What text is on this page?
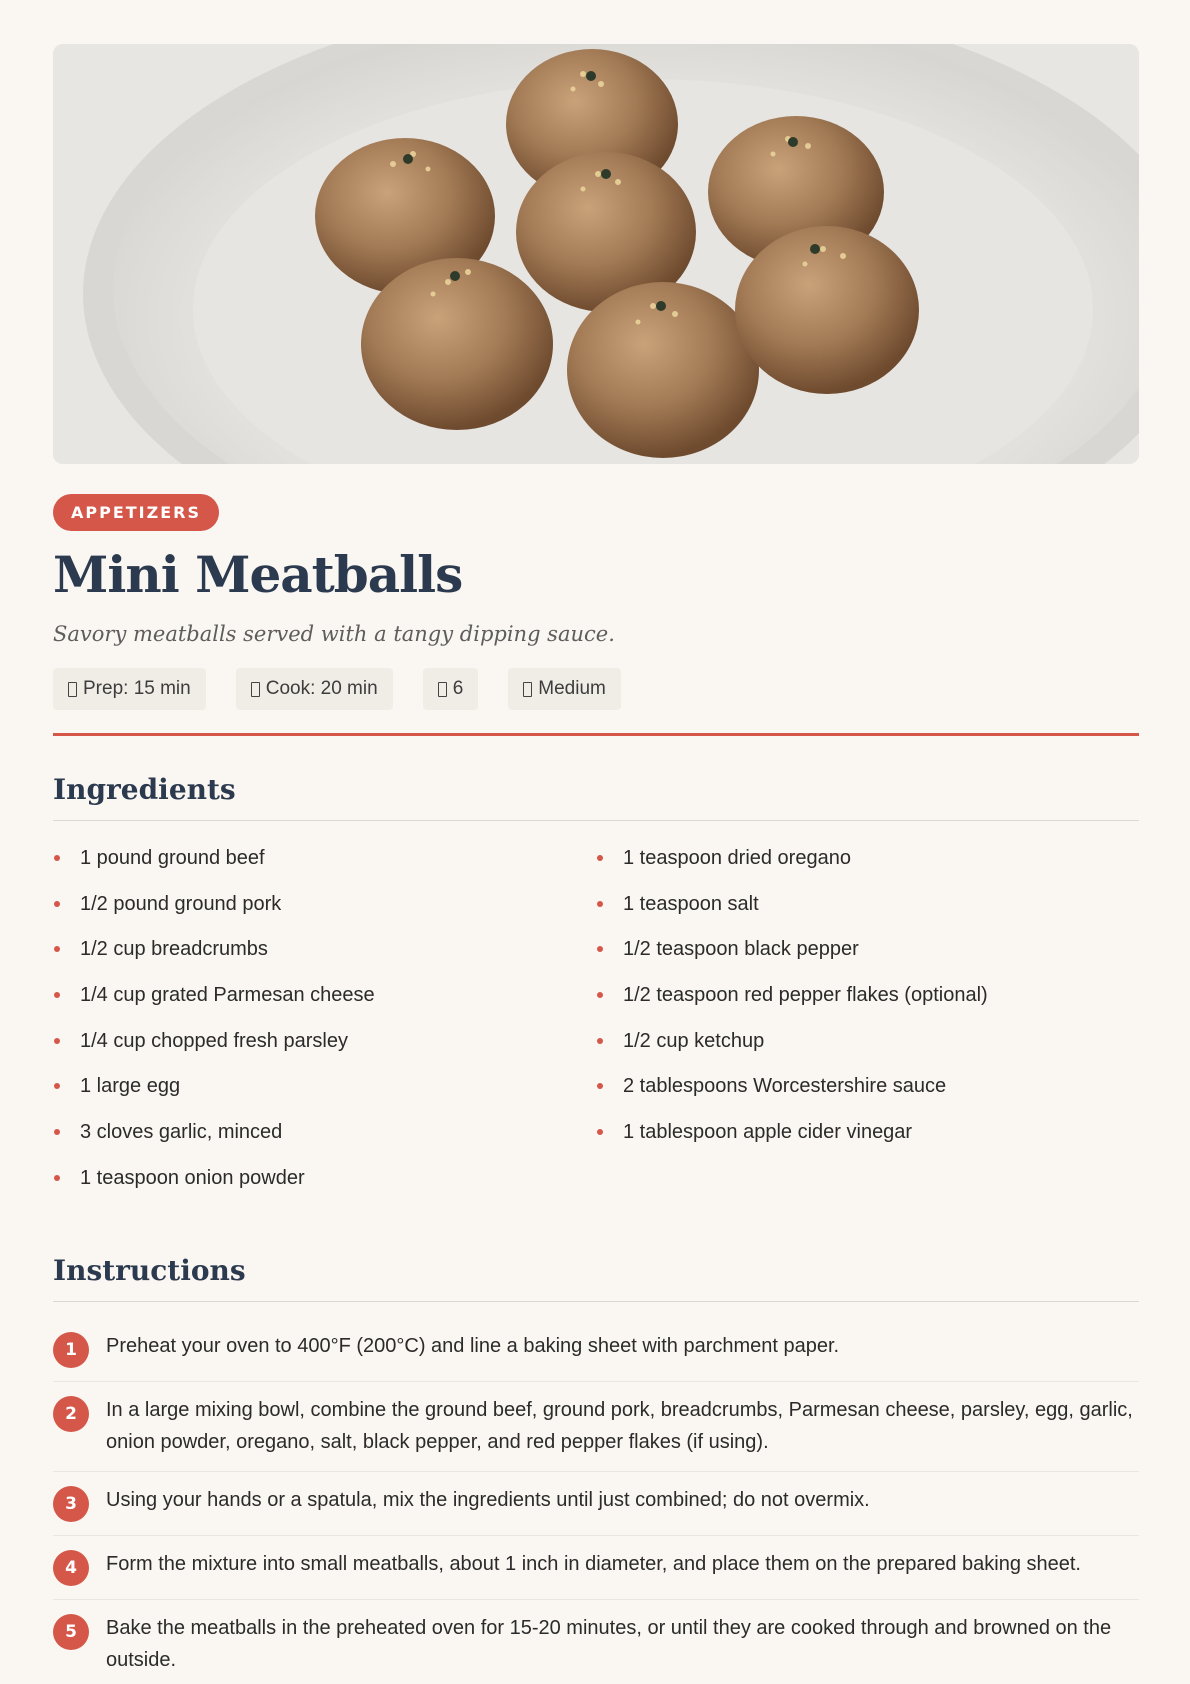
APPETIZERS
Mini Meatballs

Savory meatballs served with a tangy dipping sauce.

Prep: 15 min	Cook: 20 min	6	Medium
Ingredients
1 pound ground beef
1/2 pound ground pork
1/2 cup breadcrumbs
1/4 cup grated Parmesan cheese
1/4 cup chopped fresh parsley
1 large egg
3 cloves garlic, minced
1 teaspoon onion powder
1 teaspoon dried oregano
1 teaspoon salt
1/2 teaspoon black pepper
1/2 teaspoon red pepper flakes (optional)
1/2 cup ketchup
2 tablespoons Worcestershire sauce
1 tablespoon apple cider vinegar
Instructions
1	Preheat your oven to 400°F (200°C) and line a baking sheet with parchment paper.
2	In a large mixing bowl, combine the ground beef, ground pork, breadcrumbs, Parmesan cheese, parsley, egg, garlic, onion powder, oregano, salt, black pepper, and red pepper flakes (if using).
3	Using your hands or a spatula, mix the ingredients until just combined; do not overmix.
4	Form the mixture into small meatballs, about 1 inch in diameter, and place them on the prepared baking sheet.
5	Bake the meatballs in the preheated oven for 15-20 minutes, or until they are cooked through and browned on the outside.
